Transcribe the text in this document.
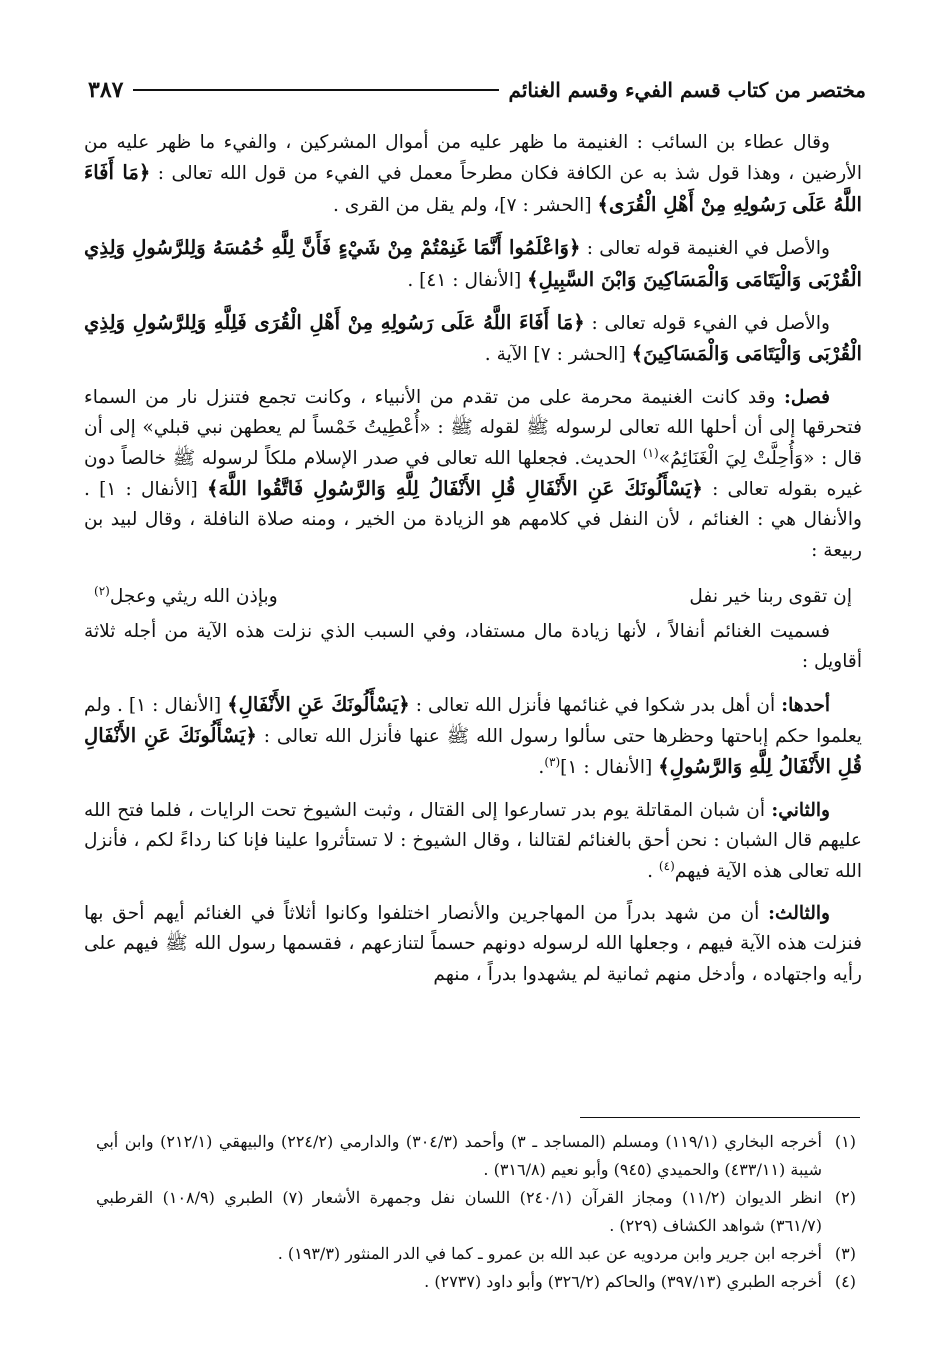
مختصر من كتاب قسم الفيء وقسم الغنائم
٣٨٧

وقال عطاء بن السائب : الغنيمة ما ظهر عليه من أموال المشركين ، والفيء ما ظهر عليه من الأرضين ، وهذا قول شذ به عن الكافة فكان مطرحاً معمل في الفيء من قول الله تعالى : ﴿مَا أَفَاءَ اللَّهُ عَلَى رَسُولِهِ مِنْ أَهْلِ الْقُرَى﴾ [الحشر : ٧]، ولم يقل من القرى .

والأصل في الغنيمة قوله تعالى : ﴿وَاعْلَمُوا أَنَّمَا غَنِمْتُمْ مِنْ شَيْءٍ فَأَنَّ لِلَّهِ خُمُسَهُ وَلِلرَّسُولِ وَلِذِي الْقُرْبَى وَالْيَتَامَى وَالْمَسَاكِينَ وَابْنَ السَّبِيلِ﴾ [الأنفال : ٤١] .

والأصل في الفيء قوله تعالى : ﴿مَا أَفَاءَ اللَّهُ عَلَى رَسُولِهِ مِنْ أَهْلِ الْقُرَى فَلِلَّهِ وَلِلرَّسُولِ وَلِذِي الْقُرْبَى وَالْيَتَامَى وَالْمَسَاكِينَ﴾ [الحشر : ٧] الآية .

فصل: وقد كانت الغنيمة محرمة على من تقدم من الأنبياء ، وكانت تجمع فتنزل نار من السماء فتحرقها إلى أن أحلها الله تعالى لرسوله ﷺ لقوله ﷺ : «أُعْطِيتُ خَمْساً لم يعطهن نبي قبلي» إلى أن قال : «وَأُحِلَّتْ لِيَ الْغَنَائِمُ»$^{(١)}$ الحديث. فجعلها الله تعالى في صدر الإسلام ملكاً لرسوله ﷺ خالصاً دون غيره بقوله تعالى : ﴿يَسْأَلُونَكَ عَنِ الأَنْفَالِ قُلِ الأَنْفَالُ لِلَّهِ وَالرَّسُولِ فَاتَّقُوا اللَّهَ﴾ [الأنفال : ١] . والأنفال هي : الغنائم ، لأن النفل في كلامهم هو الزيادة من الخير ، ومنه صلاة النافلة ، وقال لبيد بن ربيعة :

إن تقوى ربنا خير نفل
وبإذن الله ريثي وعجل$^{(٢)}$

فسميت الغنائم أنفالاً ، لأنها زيادة مال مستفاد، وفي السبب الذي نزلت هذه الآية من أجله ثلاثة أقاويل :

أحدها: أن أهل بدر شكوا في غنائمها فأنزل الله تعالى : ﴿يَسْأَلُونَكَ عَنِ الأَنْفَالِ﴾ [الأنفال : ١] . ولم يعلموا حكم إباحتها وحظرها حتى سألوا رسول الله ﷺ عنها فأنزل الله تعالى : ﴿يَسْأَلُونَكَ عَنِ الأَنْفَالِ قُلِ الأَنْفَالُ لِلَّهِ وَالرَّسُولِ﴾ [الأنفال : ١]$^{(٣)}$.

والثاني: أن شبان المقاتلة يوم بدر تسارعوا إلى القتال ، وثبت الشيوخ تحت الرايات ، فلما فتح الله عليهم قال الشبان : نحن أحق بالغنائم لقتالنا ، وقال الشيوخ : لا تستأثروا علينا فإنا كنا رداءً لكم ، فأنزل الله تعالى هذه الآية فيهم$^{(٤)}$ .

والثالث: أن من شهد بدراً من المهاجرين والأنصار اختلفوا وكانوا أثلاثاً في الغنائم أيهم أحق بها فنزلت هذه الآية فيهم ، وجعلها الله لرسوله دونهم حسماً لتنازعهم ، فقسمها رسول الله ﷺ فيهم على رأيه واجتهاده ، وأدخل منهم ثمانية لم يشهدوا بدراً ، منهم

(١)
أخرجه البخاري (١١٩/١) ومسلم (المساجد ـ ٣) وأحمد (٣٠٤/٣) والدارمي (٢٢٤/٢) والبيهقي (٢١٢/١) وابن أبي شيبة (٤٣٣/١١) والحميدي (٩٤٥) وأبو نعيم (٣١٦/٨) .

(٢)
انظر الديوان (١١/٢) ومجاز القرآن (٢٤٠/١) اللسان نفل وجمهرة الأشعار (٧) الطبري (١٠٨/٩) القرطبي (٣٦١/٧) شواهد الكشاف (٢٢٩) .

(٣)
أخرجه ابن جرير وابن مردويه عن عبد الله بن عمرو ـ كما في الدر المنثور (١٩٣/٣) .

(٤)
أخرجه الطبري (٣٩٧/١٣) والحاكم (٣٢٦/٢) وأبو داود (٢٧٣٧) .
